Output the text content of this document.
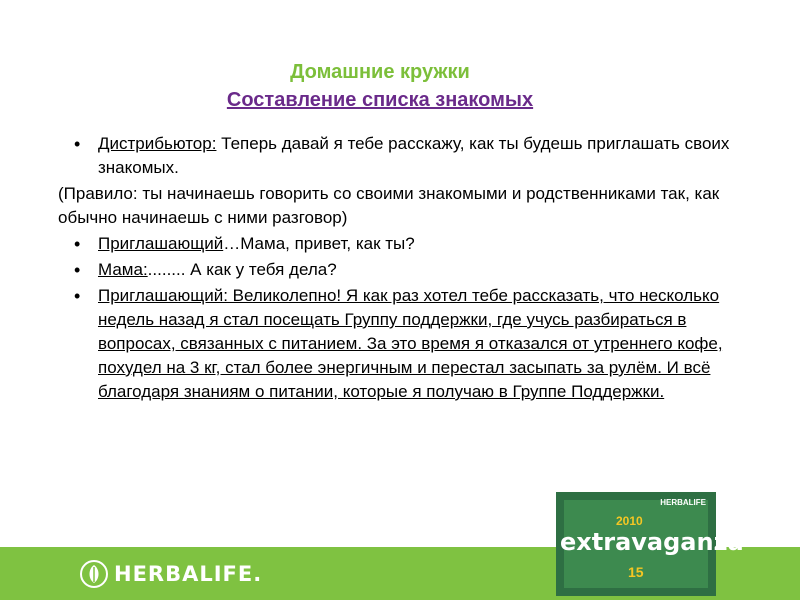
Домашние кружки
Составление списка знакомых
• Дистрибьютор: Теперь давай я тебе расскажу, как ты будешь приглашать своих знакомых.
(Правило: ты начинаешь говорить со своими знакомыми и родственниками так, как обычно начинаешь с ними разговор)
• Приглашающий…Мама, привет, как ты?
• Мама:........ А как у тебя дела?
• Приглашающий: Великолепно! Я как раз хотел тебе рассказать, что несколько недель назад я стал посещать Группу поддержки, где учусь разбираться в вопросах, связанных с питанием. За это время я отказался от утреннего кофе, похудел на 3 кг, стал более энергичным и перестал засыпать за рулём. И всё благодаря знаниям о питании, которые я получаю в Группе Поддержки.
HERBALIFE.
HERBALIFE
2010
extravaganza
15
